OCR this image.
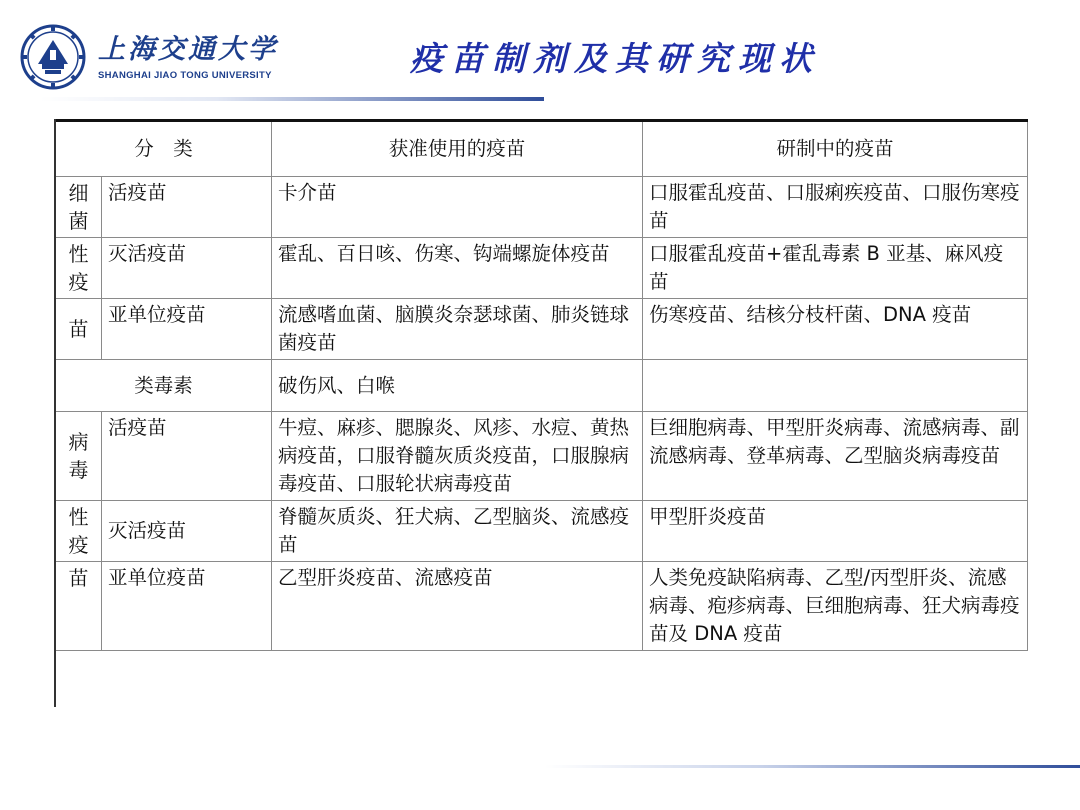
上海交通大学
SHANGHAI JIAO TONG UNIVERSITY	疫苗制剂及其研究现状
分　类		获准使用的疫苗	研制中的疫苗
细菌	活疫苗	卡介苗	口服霍乱疫苗、口服痢疾疫苗、口服伤寒疫苗
性疫	灭活疫苗	霍乱、百日咳、伤寒、钩端螺旋体疫苗	口服霍乱疫苗+霍乱毒素 B 亚基、麻风疫苗
苗	亚单位疫苗	流感嗜血菌、脑膜炎奈瑟球菌、肺炎链球菌疫苗	伤寒疫苗、结核分枝杆菌、DNA 疫苗
类毒素		破伤风、白喉	
病毒	活疫苗	牛痘、麻疹、腮腺炎、风疹、水痘、黄热病疫苗，口服脊髓灰质炎疫苗，口服腺病毒疫苗、口服轮状病毒疫苗	巨细胞病毒、甲型肝炎病毒、流感病毒、副流感病毒、登革病毒、乙型脑炎病毒疫苗
性疫	灭活疫苗	脊髓灰质炎、狂犬病、乙型脑炎、流感疫苗	甲型肝炎疫苗
苗	亚单位疫苗	乙型肝炎疫苗、流感疫苗	人类免疫缺陷病毒、乙型/丙型肝炎、流感病毒、疱疹病毒、巨细胞病毒、狂犬病毒疫苗及 DNA 疫苗
